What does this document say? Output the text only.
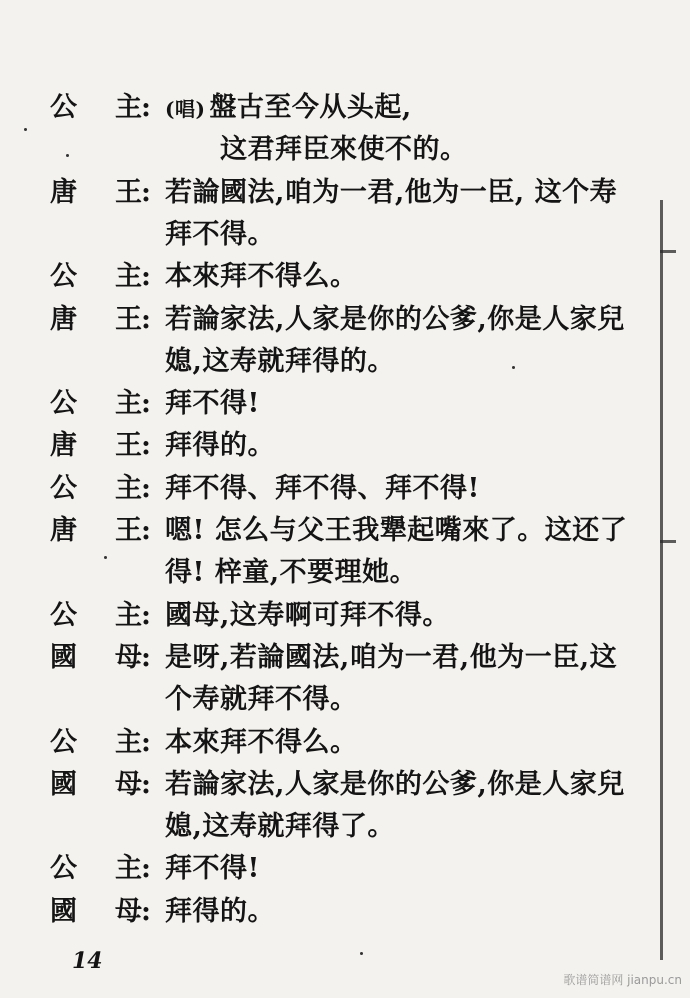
公 主 : (唱) 盤古至今从头起,
这君拜臣來使不的。
唐 王 : 若論國法,咱为一君,他为一臣, 这个寿
拜不得。
公 主 : 本來拜不得么。
唐 王 : 若論家法,人家是你的公爹,你是人家兒
媳,这寿就拜得的。
公 主 : 拜不得!
唐 王 : 拜得的。
公 主 : 拜不得、拜不得、拜不得!
唐 王 : 嗯! 怎么与父王我犟起嘴來了。这还了
得! 梓童,不要理她。
公 主 : 國母,这寿啊可拜不得。
國 母 : 是呀,若論國法,咱为一君,他为一臣,这
个寿就拜不得。
公 主 : 本來拜不得么。
國 母 : 若論家法,人家是你的公爹,你是人家兒
媳,这寿就拜得了。
公 主 : 拜不得!
國 母 : 拜得的。
14
歌谱简谱网 jianpu.cn
